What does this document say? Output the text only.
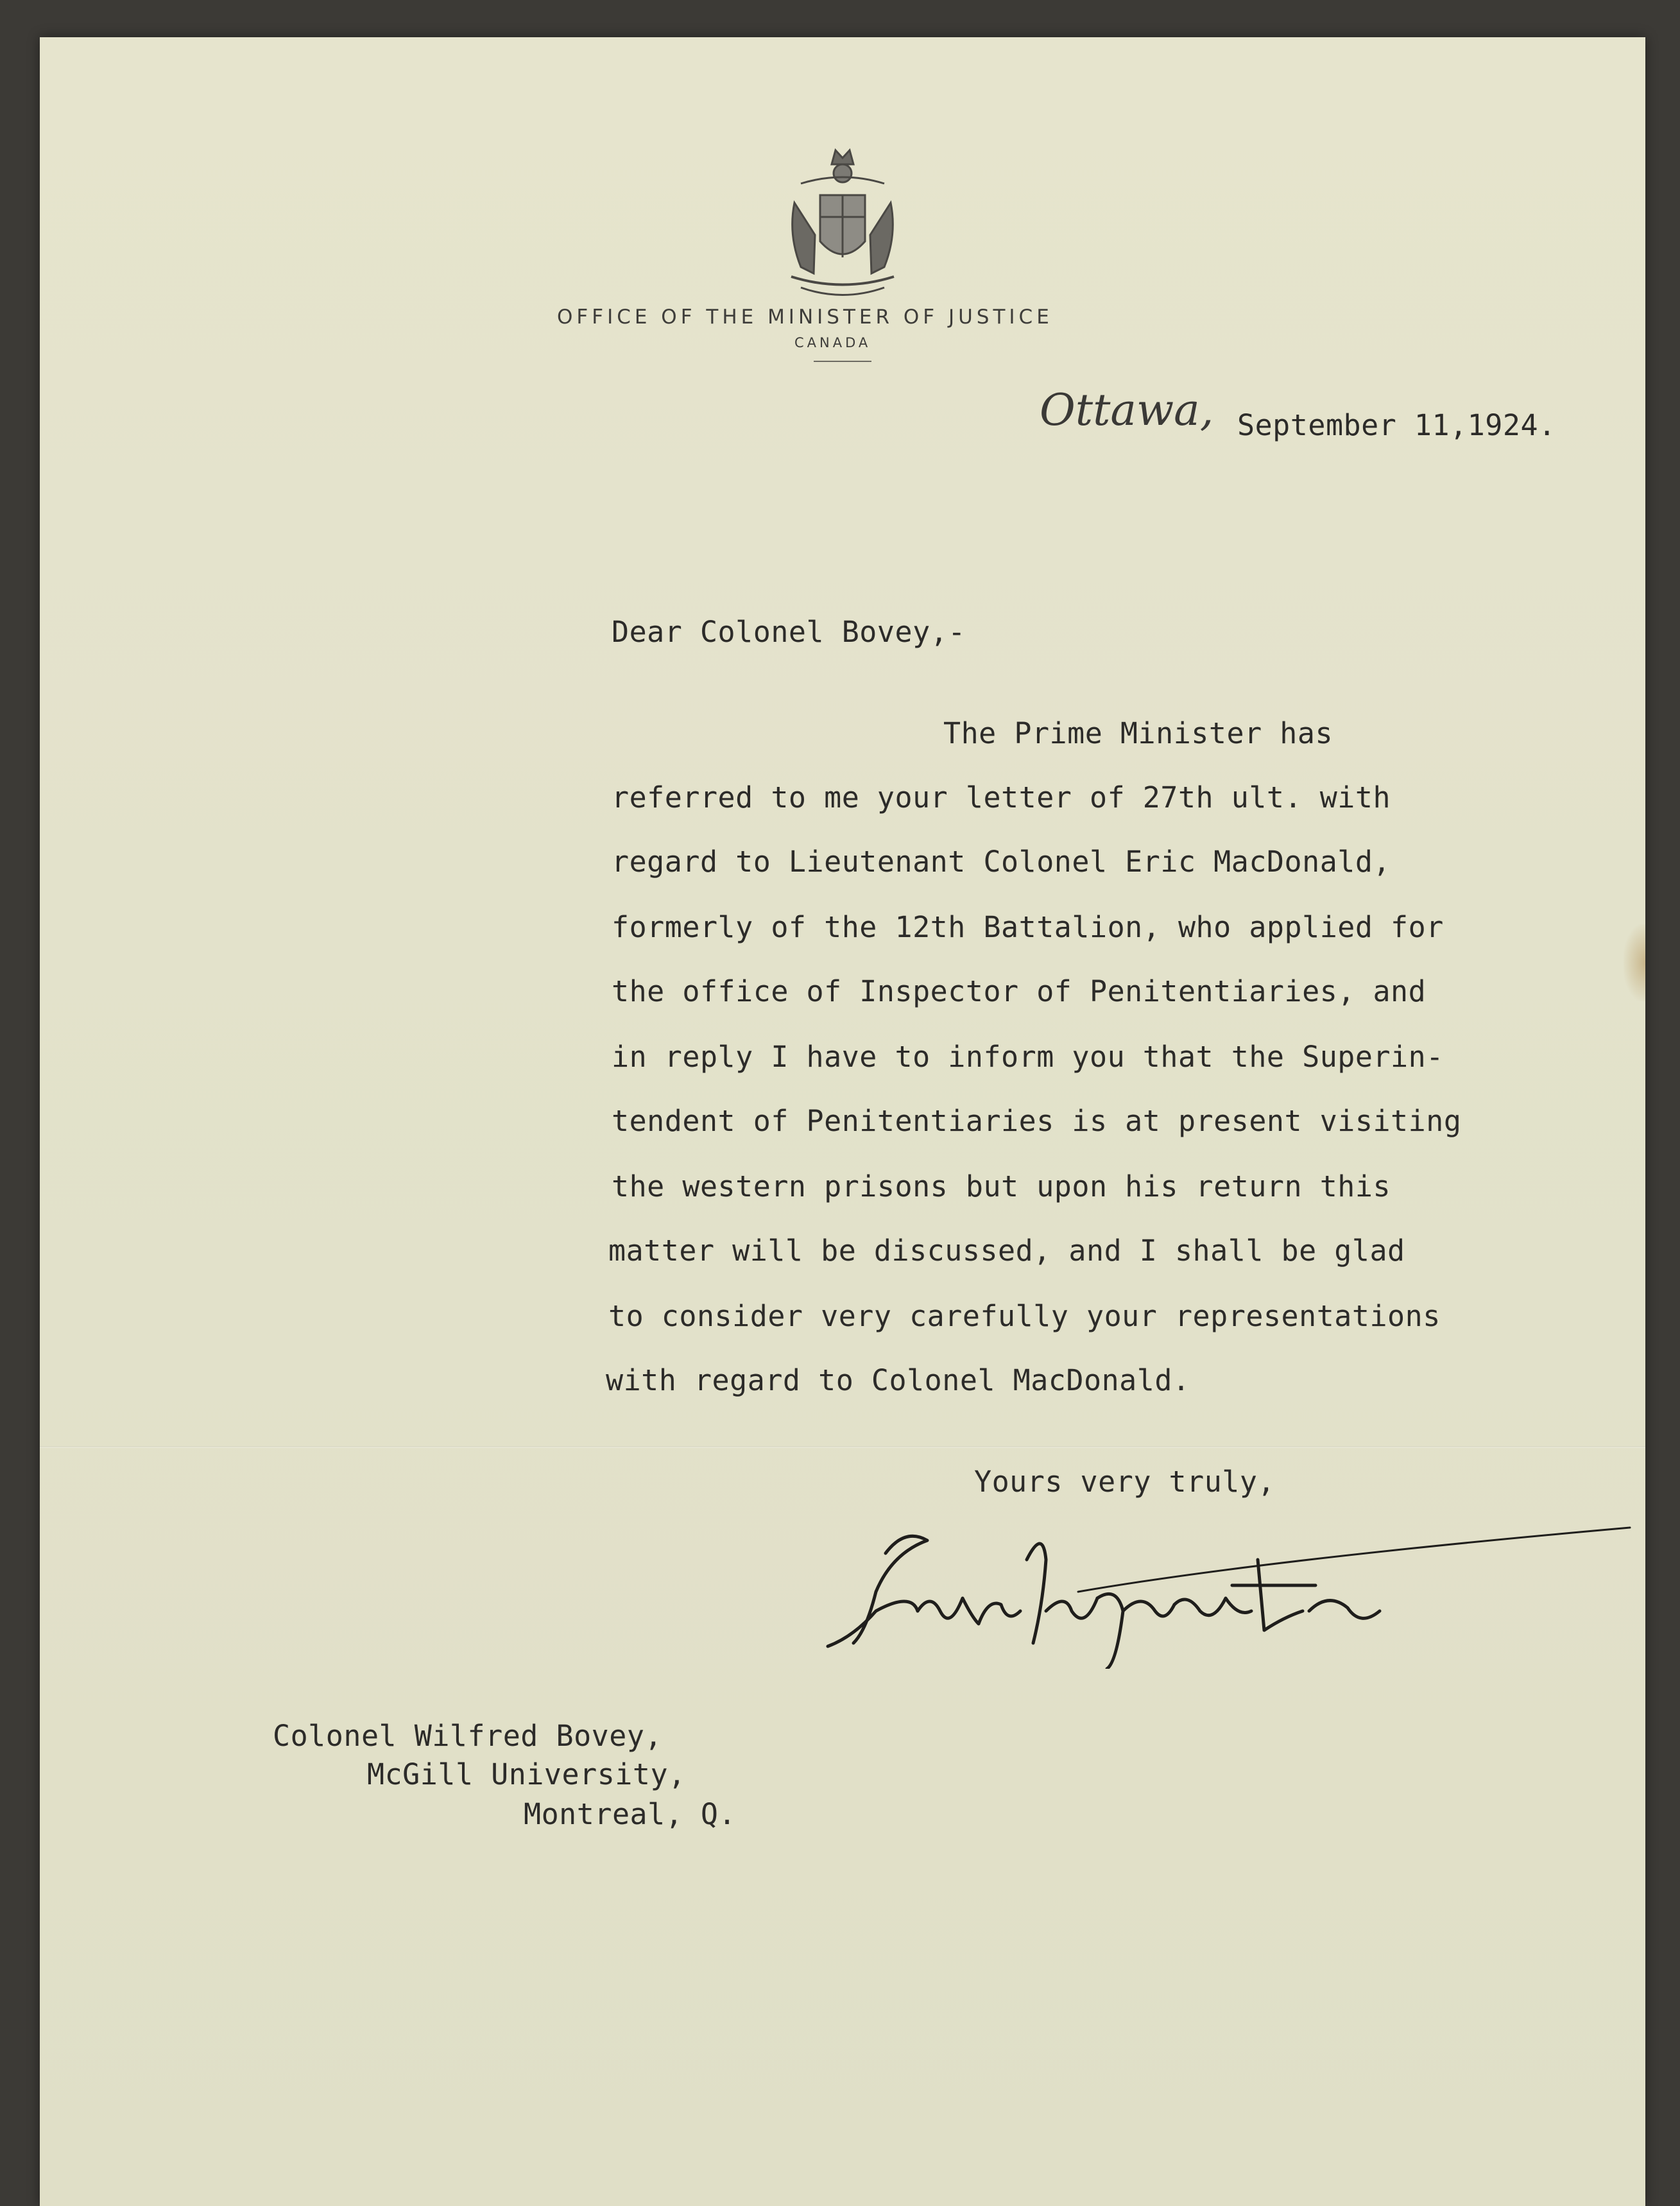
OFFICE OF THE MINISTER OF JUSTICE
CANADA
Ottawa, September 11,1924.
Dear Colonel Bovey,-
The Prime Minister has
referred to me your letter of 27th ult. with
regard to Lieutenant Colonel Eric MacDonald,
formerly of the 12th Battalion, who applied for
the office of Inspector of Penitentiaries, and
in reply I have to inform you that the Superin-
tendent of Penitentiaries is at present visiting
the western prisons but upon his return this
matter will be discussed, and I shall be glad
to consider very carefully your representations
with regard to Colonel MacDonald.
Yours very truly,
Colonel Wilfred Bovey,
McGill University,
Montreal, Q.
